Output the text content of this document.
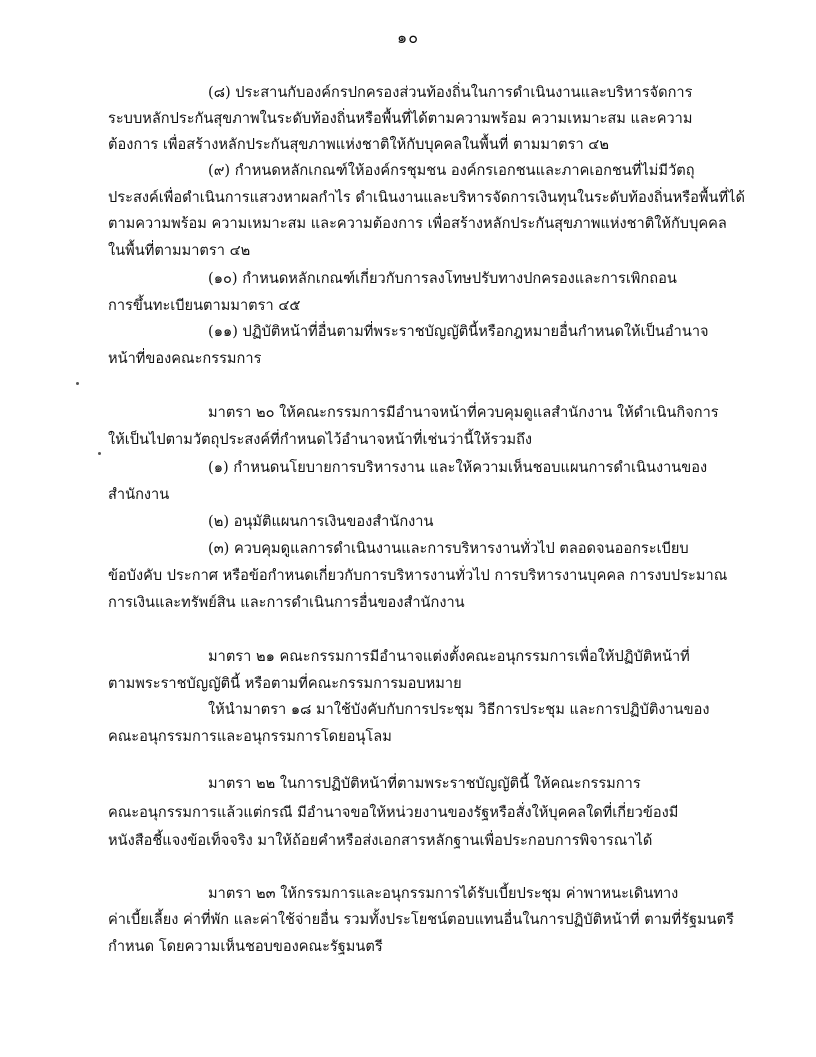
๑๐
(๘) ประสานกับองค์กรปกครองส่วนท้องถิ่นในการดำเนินงานและบริหารจัดการ
ระบบหลักประกันสุขภาพในระดับท้องถิ่นหรือพื้นที่ได้ตามความพร้อม ความเหมาะสม และความ
ต้องการ เพื่อสร้างหลักประกันสุขภาพแห่งชาติให้กับบุคคลในพื้นที่ ตามมาตรา ๔๒
(๙) กำหนดหลักเกณฑ์ให้องค์กรชุมชน องค์กรเอกชนและภาคเอกชนที่ไม่มีวัตถุ
ประสงค์เพื่อดำเนินการแสวงหาผลกำไร ดำเนินงานและบริหารจัดการเงินทุนในระดับท้องถิ่นหรือพื้นที่ได้
ตามความพร้อม ความเหมาะสม และความต้องการ เพื่อสร้างหลักประกันสุขภาพแห่งชาติให้กับบุคคล
ในพื้นที่ตามมาตรา ๔๒
(๑๐) กำหนดหลักเกณฑ์เกี่ยวกับการลงโทษปรับทางปกครองและการเพิกถอน
การขึ้นทะเบียนตามมาตรา ๔๕
(๑๑) ปฏิบัติหน้าที่อื่นตามที่พระราชบัญญัตินี้หรือกฎหมายอื่นกำหนดให้เป็นอำนาจ
หน้าที่ของคณะกรรมการ
มาตรา ๒๐ ให้คณะกรรมการมีอำนาจหน้าที่ควบคุมดูแลสำนักงาน ให้ดำเนินกิจการ
ให้เป็นไปตามวัตถุประสงค์ที่กำหนดไว้อำนาจหน้าที่เช่นว่านี้ให้รวมถึง
(๑) กำหนดนโยบายการบริหารงาน และให้ความเห็นชอบแผนการดำเนินงานของ
สำนักงาน
(๒) อนุมัติแผนการเงินของสำนักงาน
(๓) ควบคุมดูแลการดำเนินงานและการบริหารงานทั่วไป ตลอดจนออกระเบียบ
ข้อบังคับ ประกาศ หรือข้อกำหนดเกี่ยวกับการบริหารงานทั่วไป การบริหารงานบุคคล การงบประมาณ
การเงินและทรัพย์สิน และการดำเนินการอื่นของสำนักงาน
มาตรา ๒๑ คณะกรรมการมีอำนาจแต่งตั้งคณะอนุกรรมการเพื่อให้ปฏิบัติหน้าที่
ตามพระราชบัญญัตินี้ หรือตามที่คณะกรรมการมอบหมาย
ให้นำมาตรา ๑๘ มาใช้บังคับกับการประชุม วิธีการประชุม และการปฏิบัติงานของ
คณะอนุกรรมการและอนุกรรมการโดยอนุโลม
มาตรา ๒๒ ในการปฏิบัติหน้าที่ตามพระราชบัญญัตินี้ ให้คณะกรรมการ
คณะอนุกรรมการแล้วแต่กรณี มีอำนาจขอให้หน่วยงานของรัฐหรือสั่งให้บุคคลใดที่เกี่ยวข้องมี
หนังสือชี้แจงข้อเท็จจริง มาให้ถ้อยคำหรือส่งเอกสารหลักฐานเพื่อประกอบการพิจารณาได้
มาตรา ๒๓ ให้กรรมการและอนุกรรมการได้รับเบี้ยประชุม ค่าพาหนะเดินทาง
ค่าเบี้ยเลี้ยง ค่าที่พัก และค่าใช้จ่ายอื่น รวมทั้งประโยชน์ตอบแทนอื่นในการปฏิบัติหน้าที่ ตามที่รัฐมนตรี
กำหนด โดยความเห็นชอบของคณะรัฐมนตรี
